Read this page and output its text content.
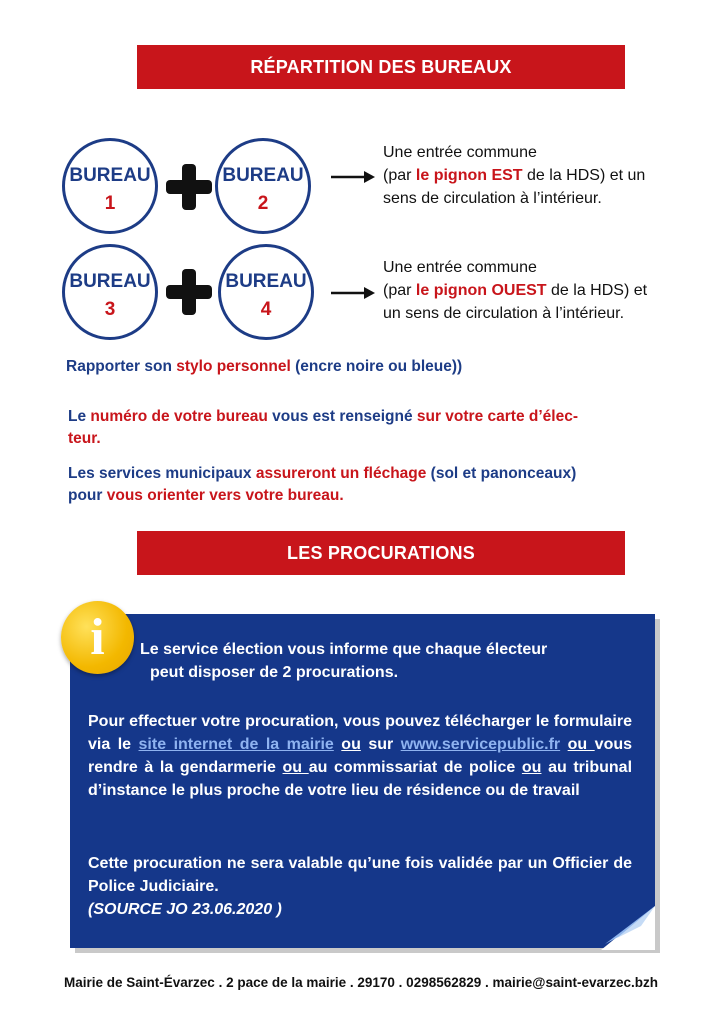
RÉPARTITION DES BUREAUX
BUREAU
1
BUREAU
2
Une entrée commune
(par le pignon EST de la HDS) et un
sens de circulation à l’intérieur.
BUREAU
3
BUREAU
4
Une entrée commune
(par le pignon OUEST de la HDS) et
un sens de circulation à l’intérieur.
Rapporter son stylo personnel (encre noire ou bleue))
Le numéro de votre bureau vous est renseigné sur votre carte d’élec-
teur.
Les services municipaux assureront un fléchage (sol et panonceaux)
pour vous orienter vers votre bureau.
LES PROCURATIONS
Le service élection vous informe que chaque électeur
peut disposer de 2 procurations.
Pour effectuer votre procuration, vous pouvez télécharger le formulaire via le site internet de la mairie ou sur www.servicepublic.fr ou vous rendre à la gendarmerie ou au commissariat de police ou au tribunal d’instance le plus proche de votre lieu de résidence ou de travail
Cette procuration ne sera valable qu’une fois validée par un Officier de Police Judiciaire.
(SOURCE JO 23.06.2020 )
i
Mairie de Saint-Évarzec . 2 pace de la mairie . 29170 . 0298562829 . mairie@saint-evarzec.bzh
